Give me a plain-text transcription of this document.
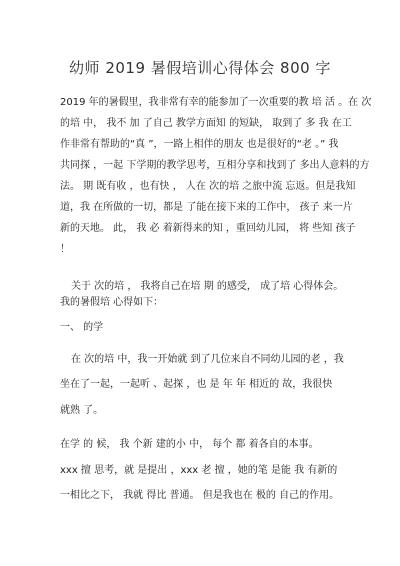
幼师 2019 暑假培训心得体会 800 字
2019 年的暑假里，我非常有幸的能参加了一次重要的教 培 活 。在 次
的培 中， 我不 加 了自己 教学方面知 的短缺， 取到了 多 我 在工
作非常有帮助的“真 ”，一路上相伴的朋友 也是很好的“老 。” 我
共同探 ，一起 下学期的教学思考，互相分享和找到了 多出人意料的方
法。 期 既有收 ，也有快 ， 人在 次的培 之旅中流 忘返。但是我知
道，我 在所做的一切，都是 了能在接下来的工作中， 孩子 来一片
新的天地。 此， 我 必 着新得来的知 ，重回幼儿园， 将 些知 孩子
！
关于 次的培 ， 我将自己在培 期 的感受， 成了培 心得体会。
我的暑假培 心得如下：
一、 的学
在 次的培 中，我一开始就 到了几位来自不同幼儿园的老 ，我
坐在了一起，一起听 、起探 ，也 是 年 年 相近的 故，我很快
就熟 了。
在学 的 候， 我 个新 建的小 中， 每个 都 着各自的本事。
xxx 擅 思考，就 是提出 ，xxx 老 擅 ，她的笔 是能 我 有新的
一相比之下， 我就 得比 普通。 但是我也在 极的 自己的作用。
